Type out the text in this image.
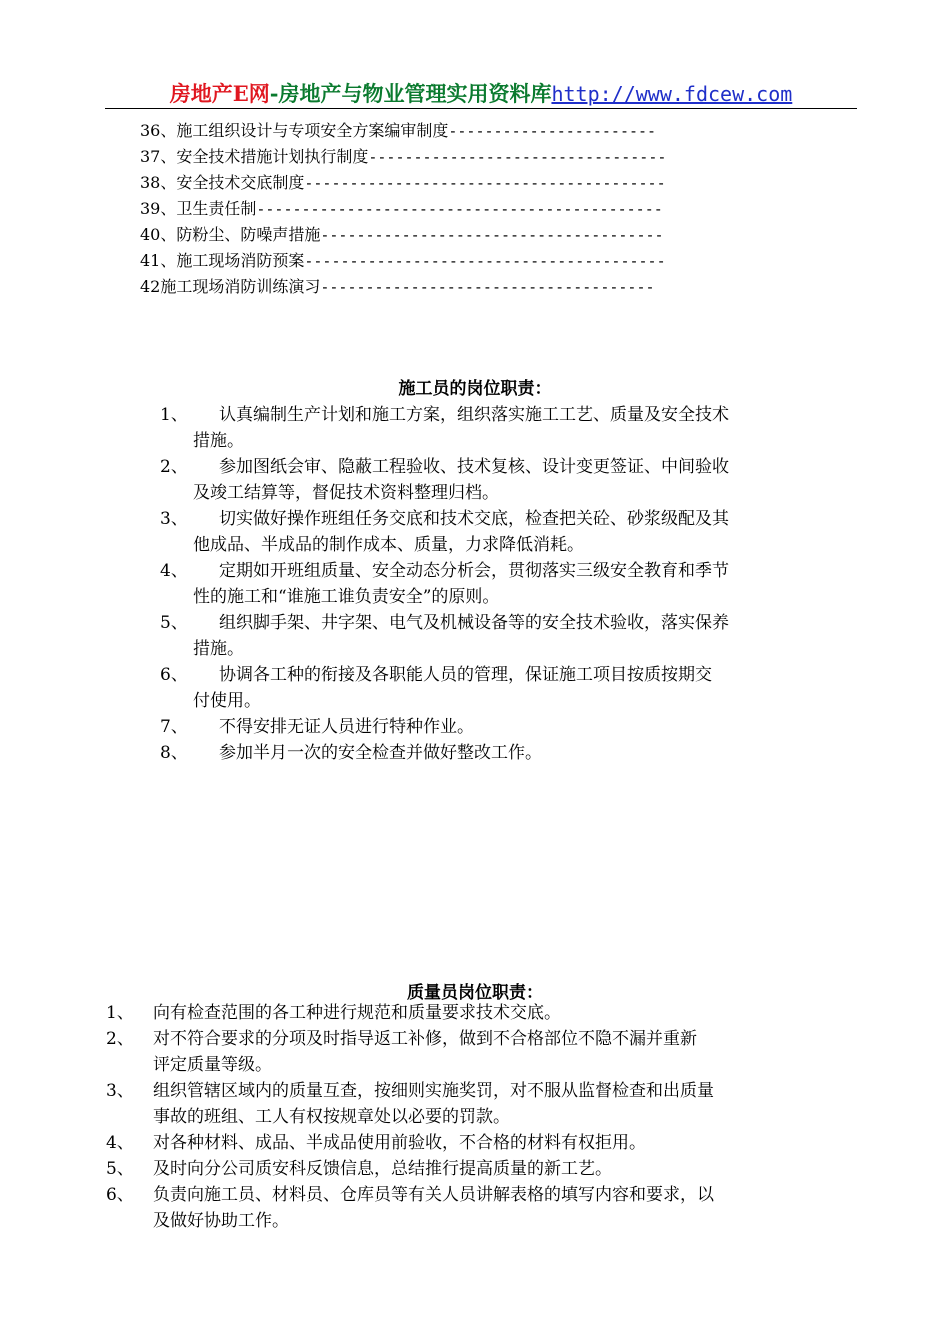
房地产E网-房地产与物业管理实用资料库http://www.fdcew.com
36、施工组织设计与专项安全方案编审制度 -----------------------
37、安全技术措施计划执行制度 ---------------------------------
38、安全技术交底制度 ----------------------------------------
39、卫生责任制 ---------------------------------------------
40、防粉尘、防噪声措施 --------------------------------------
41、施工现场消防预案 ----------------------------------------
42施工现场消防训练演习 -------------------------------------
施工员的岗位职责：
1、	认真编制生产计划和施工方案，组织落实施工工艺、质量及安全技术
措施。
2、	参加图纸会审、隐蔽工程验收、技术复核、设计变更签证、中间验收
及竣工结算等，督促技术资料整理归档。
3、	切实做好操作班组任务交底和技术交底，检查把关砼、砂浆级配及其
他成品、半成品的制作成本、质量，力求降低消耗。
4、	定期如开班组质量、安全动态分析会，贯彻落实三级安全教育和季节
性的施工和“谁施工谁负责安全”的原则。
5、	组织脚手架、井字架、电气及机械设备等的安全技术验收，落实保养
措施。
6、	协调各工种的衔接及各职能人员的管理，保证施工项目按质按期交
付使用。
7、	不得安排无证人员进行特种作业。
8、	参加半月一次的安全检查并做好整改工作。
质量员岗位职责：
1、 向有检查范围的各工种进行规范和质量要求技术交底。
2、 对不符合要求的分项及时指导返工补修，做到不合格部位不隐不漏并重新
评定质量等级。
3、 组织管辖区域内的质量互查，按细则实施奖罚，对不服从监督检查和出质量
事故的班组、工人有权按规章处以必要的罚款。
4、 对各种材料、成品、半成品使用前验收，不合格的材料有权拒用。
5、 及时向分公司质安科反馈信息，总结推行提高质量的新工艺。
6、 负责向施工员、材料员、仓库员等有关人员讲解表格的填写内容和要求，以
及做好协助工作。
